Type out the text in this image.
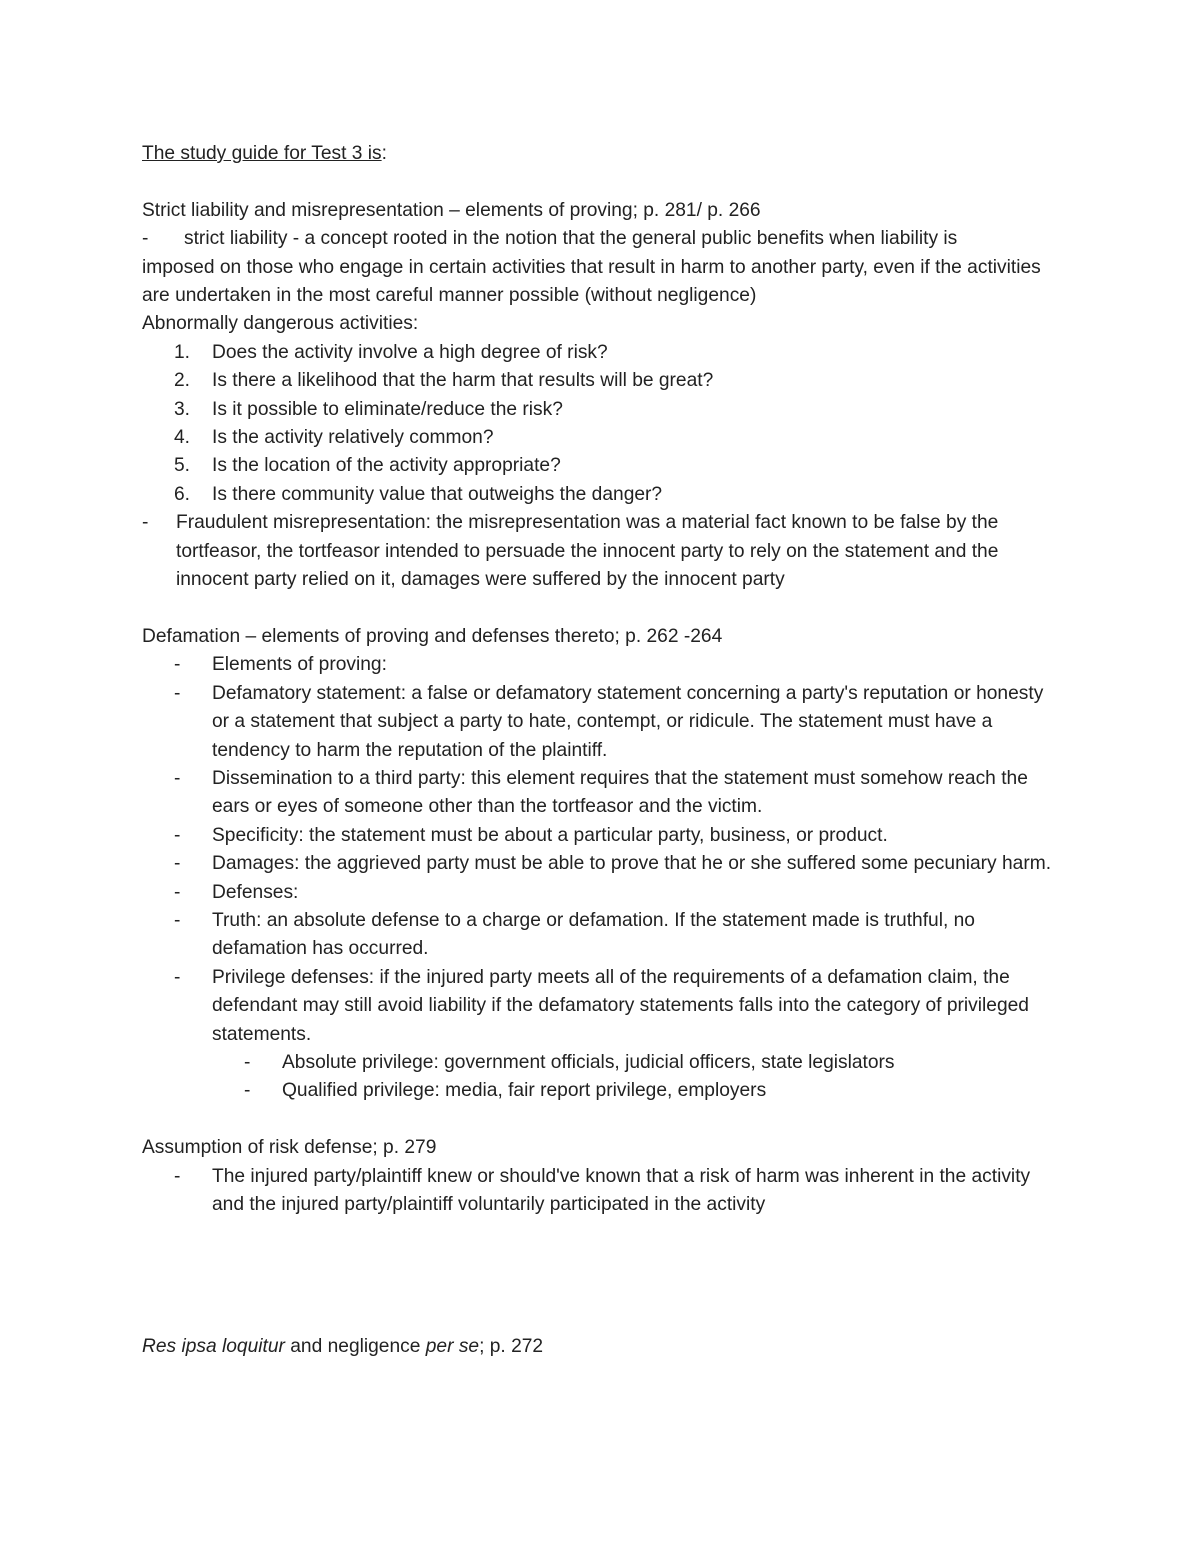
The study guide for Test 3 is:

Strict liability and misrepresentation – elements of proving; p. 281/ p. 266

- strict liability - a concept rooted in the notion that the general public benefits when liability is

imposed on those who engage in certain activities that result in harm to another party, even if the activities are undertaken in the most careful manner possible (without negligence)

Abnormally dangerous activities:

1.	Does the activity involve a high degree of risk?
2.	Is there a likelihood that the harm that results will be great?
3.	Is it possible to eliminate/reduce the risk?
4.	Is the activity relatively common?
5.	Is the location of the activity appropriate?
6.	Is there community value that outweighs the danger?
-	Fraudulent misrepresentation: the misrepresentation was a material fact known to be false by the tortfeasor, the tortfeasor intended to persuade the innocent party to rely on the statement and the innocent party relied on it, damages were suffered by the innocent party

Defamation – elements of proving and defenses thereto; p. 262 -264

-	Elements of proving:
-	Defamatory statement: a false or defamatory statement concerning a party's reputation or honesty or a statement that subject a party to hate, contempt, or ridicule. The statement must have a tendency to harm the reputation of the plaintiff.
-	Dissemination to a third party: this element requires that the statement must somehow reach the ears or eyes of someone other than the tortfeasor and the victim.
-	Specificity: the statement must be about a particular party, business, or product.
-	Damages: the aggrieved party must be able to prove that he or she suffered some pecuniary harm.
-	Defenses:
-	Truth: an absolute defense to a charge or defamation. If the statement made is truthful, no defamation has occurred.
-	Privilege defenses: if the injured party meets all of the requirements of a defamation claim, the defendant may still avoid liability if the defamatory statements falls into the category of privileged statements.
-	Absolute privilege: government officials, judicial officers, state legislators
-	Qualified privilege: media, fair report privilege, employers

Assumption of risk defense; p. 279

-	The injured party/plaintiff knew or should've known that a risk of harm was inherent in the activity and the injured party/plaintiff voluntarily participated in the activity

Res ipsa loquitur and negligence per se; p. 272
